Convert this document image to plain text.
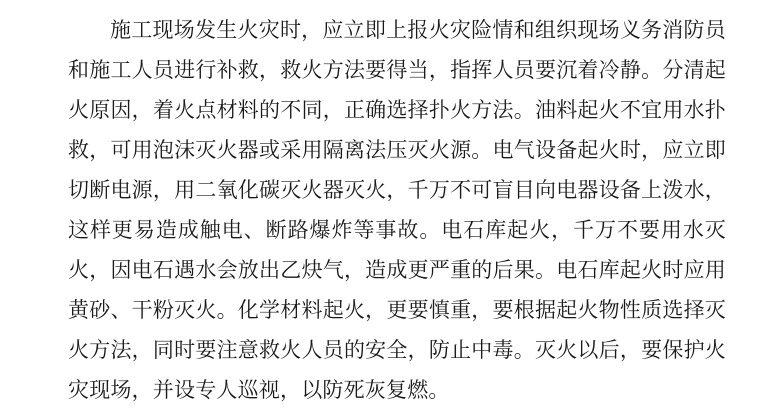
施工现场发生火灾时，应立即上报火灾险情和组织现场义务消防员和施工人员进行补救，救火方法要得当，指挥人员要沉着冷静。分清起火原因，着火点材料的不同，正确选择扑火方法。油料起火不宜用水扑救，可用泡沫灭火器或采用隔离法压灭火源。电气设备起火时，应立即切断电源，用二氧化碳灭火器灭火，千万不可盲目向电器设备上泼水，这样更易造成触电、断路爆炸等事故。电石库起火，千万不要用水灭火，因电石遇水会放出乙炔气，造成更严重的后果。电石库起火时应用黄砂、干粉灭火。化学材料起火，更要慎重，要根据起火物性质选择灭火方法，同时要注意救火人员的安全，防止中毒。灭火以后，要保护火灾现场，并设专人巡视，以防死灰复燃。
